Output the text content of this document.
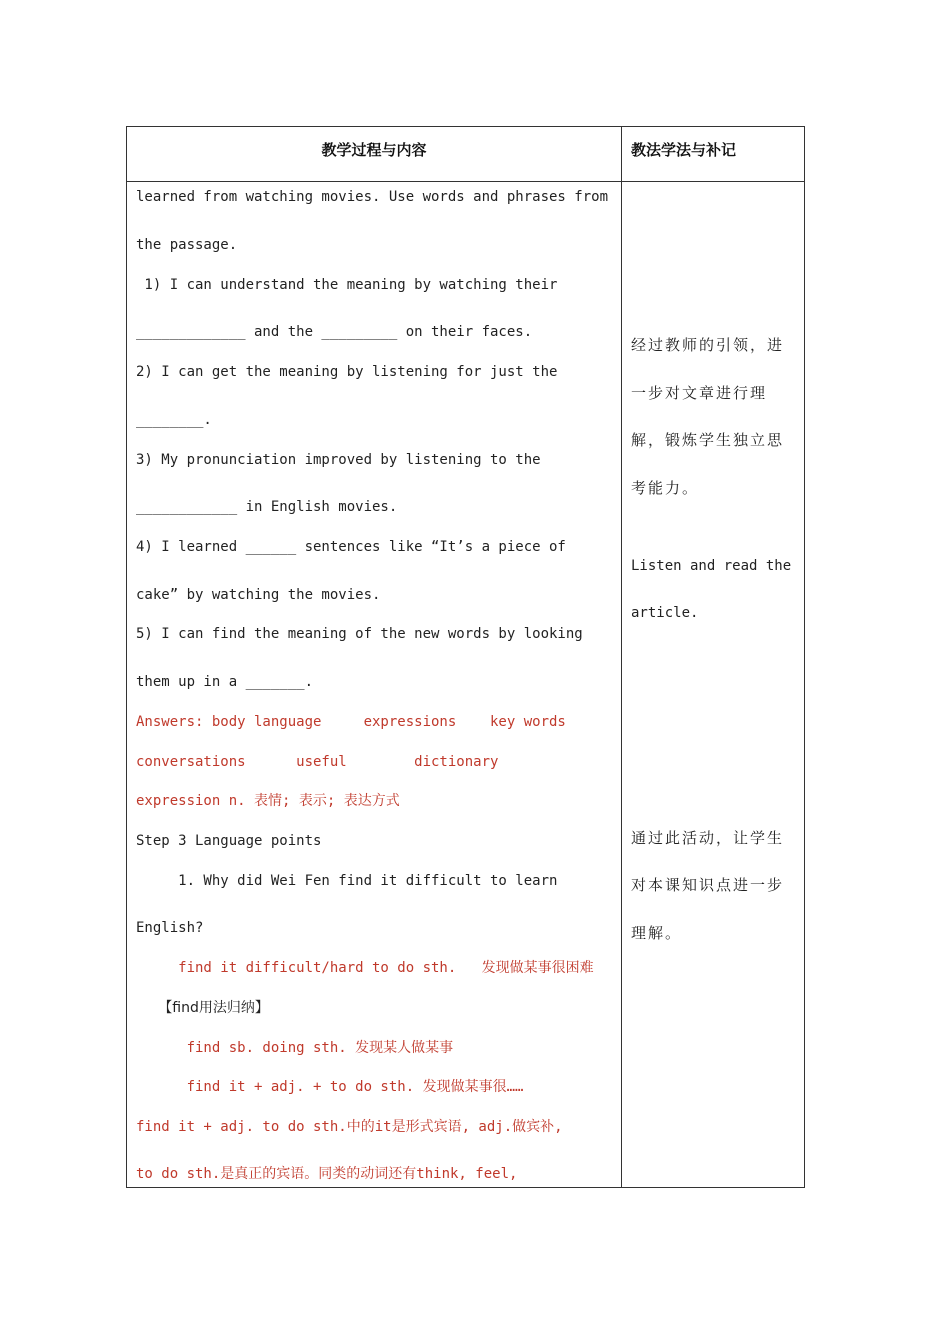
教学过程与内容	教法学法与补记
learned from watching movies. Use words and phrases from
the passage.
1) I can understand the meaning by watching their
_____________ and the _________ on their faces.
2) I can get the meaning by listening for just the
________.
3) My pronunciation improved by listening to the
____________ in English movies.
4) I learned ______ sentences like “It’s a piece of
cake” by watching the movies.
5) I can find the meaning of the new words by looking
them up in a _______.
Answers: body language     expressions    key words
conversations      useful        dictionary
expression n. 表情; 表示; 表达方式
Step 3 Language points
1. Why did Wei Fen find it difficult to learn
English?
find it difficult/hard to do sth.   发现做某事很困难
【find用法归纳】
find sb. doing sth. 发现某人做某事
find it + adj. + to do sth. 发现做某事很……
find it + adj. to do sth.中的it是形式宾语, adj.做宾补,
to do sth.是真正的宾语。同类的动词还有think, feel,
经过教师的引领，进
一步对文章进行理
解，锻炼学生独立思
考能力。
Listen and read the
article.
通过此活动，让学生
对本课知识点进一步
理解。
